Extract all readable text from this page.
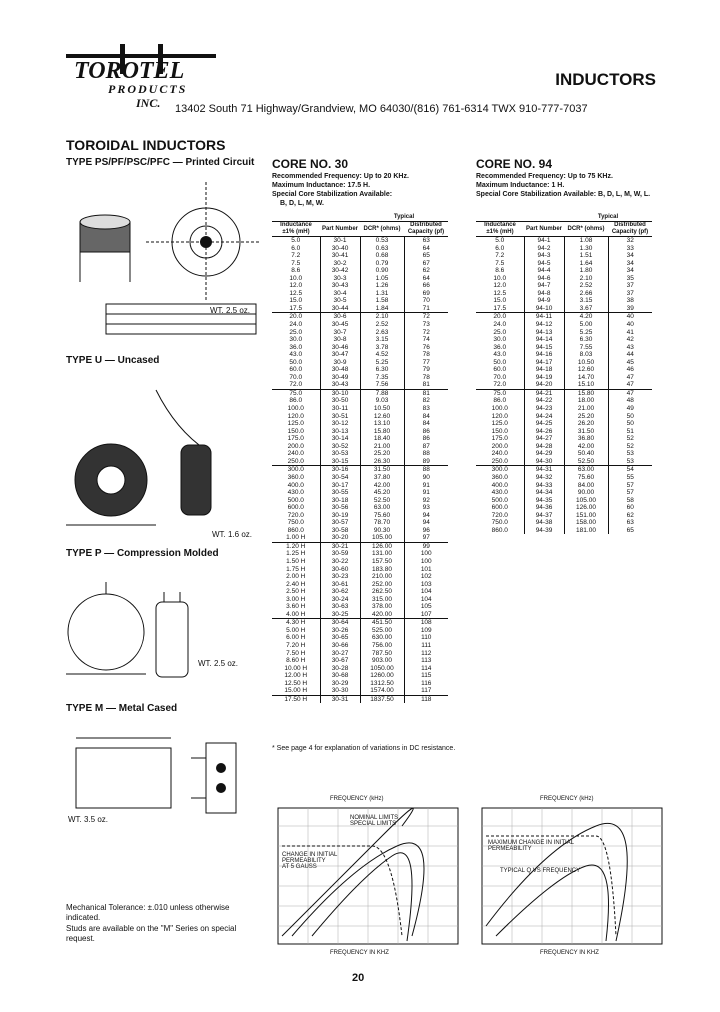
TOROTEL
PRODUCTS
INC.
INDUCTORS
13402 South 71 Highway/Grandview, MO 64030/(816) 761-6314 TWX 910-777-7037
TOROIDAL INDUCTORS
TYPE PS/PF/PSC/PFC — Printed Circuit
WT. 2.5 oz.
TYPE U — Uncased
WT. 1.6 oz.
TYPE P — Compression Molded
WT. 2.5 oz.
TYPE M — Metal Cased
WT. 3.5 oz.
Mechanical Tolerance: ±.010 unless otherwise indicated.
Studs are available on the "M" Series on special request.
CORE NO. 30
Recommended Frequency: Up to 20 KHz.
Maximum Inductance: 17.5 H.
Special Core Stabilization Available:
B, D, L, M, W.
		Typical	
Inductance ±1% (mH)	Part Number	DCR* (ohms)	Distributed Capacity (pf)
5.0	30-1	0.53	63
6.0	30-40	0.63	64
7.2	30-41	0.68	65
7.5	30-2	0.79	67
8.6	30-42	0.90	62
10.0	30-3	1.05	64
12.0	30-43	1.26	66
12.5	30-4	1.31	69
15.0	30-5	1.58	70
17.5	30-44	1.84	71
20.0	30-6	2.10	72
24.0	30-45	2.52	73
25.0	30-7	2.63	72
30.0	30-8	3.15	74
36.0	30-46	3.78	76
43.0	30-47	4.52	78
50.0	30-9	5.25	77
60.0	30-48	6.30	79
70.0	30-49	7.35	78
72.0	30-43	7.56	81
75.0	30-10	7.88	81
86.0	30-50	9.03	82
100.0	30-11	10.50	83
120.0	30-51	12.60	84
125.0	30-12	13.10	84
150.0	30-13	15.80	86
175.0	30-14	18.40	86
200.0	30-52	21.00	87
240.0	30-53	25.20	88
250.0	30-15	26.30	89
300.0	30-16	31.50	88
360.0	30-54	37.80	90
400.0	30-17	42.00	91
430.0	30-55	45.20	91
500.0	30-18	52.50	92
600.0	30-56	63.00	93
720.0	30-19	75.60	94
750.0	30-57	78.70	94
860.0	30-58	90.30	96
1.00 H	30-20	105.00	97
1.20 H	30-21	126.00	99
1.25 H	30-59	131.00	100
1.50 H	30-22	157.50	100
1.75 H	30-60	183.80	101
2.00 H	30-23	210.00	102
2.40 H	30-61	252.00	103
2.50 H	30-62	262.50	104
3.00 H	30-24	315.00	104
3.60 H	30-63	378.00	105
4.00 H	30-25	420.00	107
4.30 H	30-64	451.50	108
5.00 H	30-26	525.00	109
6.00 H	30-65	630.00	110
7.20 H	30-66	756.00	111
7.50 H	30-27	787.50	112
8.60 H	30-67	903.00	113
10.00 H	30-28	1050.00	114
12.00 H	30-68	1260.00	115
12.50 H	30-29	1312.50	116
15.00 H	30-30	1574.00	117
17.50 H	30-31	1837.50	118
* See page 4 for explanation of variations in DC resistance.
CORE NO. 94
Recommended Frequency: Up to 75 KHz.
Maximum Inductance: 1 H.
Special Core Stabilization Available: B, D, L, M, W, L.
		Typical	
Inductance ±1% (mH)	Part Number	DCR* (ohms)	Distributed Capacity (pf)
5.0	94-1	1.08	32
6.0	94-2	1.30	33
7.2	94-3	1.51	34
7.5	94-5	1.64	34
8.6	94-4	1.80	34
10.0	94-6	2.10	35
12.0	94-7	2.52	37
12.5	94-8	2.66	37
15.0	94-9	3.15	38
17.5	94-10	3.67	39
20.0	94-11	4.20	40
24.0	94-12	5.00	40
25.0	94-13	5.25	41
30.0	94-14	6.30	42
36.0	94-15	7.55	43
43.0	94-16	8.03	44
50.0	94-17	10.50	45
60.0	94-18	12.60	46
70.0	94-19	14.70	47
72.0	94-20	15.10	47
75.0	94-21	15.80	47
86.0	94-22	18.00	48
100.0	94-23	21.00	49
120.0	94-24	25.20	50
125.0	94-25	26.20	50
150.0	94-26	31.50	51
175.0	94-27	36.80	52
200.0	94-28	42.00	52
240.0	94-29	50.40	53
250.0	94-30	52.50	53
300.0	94-31	63.00	54
360.0	94-32	75.60	55
400.0	94-33	84.00	57
430.0	94-34	90.00	57
500.0	94-35	105.00	58
600.0	94-36	126.00	60
720.0	94-37	151.00	62
750.0	94-38	158.00	63
860.0	94-39	181.00	65
FREQUENCY (kHz)
NOMINAL LIMITS
SPECIAL LIMITS
CHANGE IN INITIAL PERMEABILITY
AT 5 GAUSS
FREQUENCY IN KHZ
FREQUENCY (kHz)
MAXIMUM CHANGE IN INITIAL PERMEABILITY
TYPICAL Q VS FREQUENCY
FREQUENCY IN KHZ
20
